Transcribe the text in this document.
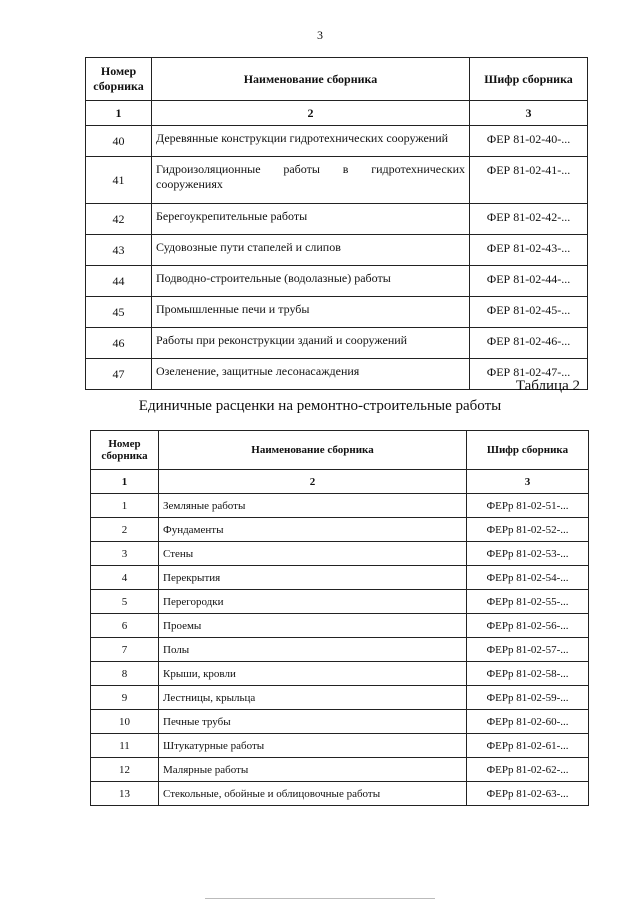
3
Номер сборника	Наименование сборника	Шифр сборника
1	2	3
40	Деревянные конструкции гидротехнических сооружений	ФЕР 81-02-40-...
41	Гидроизоляционные работы в гидротехнических сооружениях	ФЕР 81-02-41-...
42	Берегоукрепительные работы	ФЕР 81-02-42-...
43	Судовозные пути стапелей и слипов	ФЕР 81-02-43-...
44	Подводно-строительные (водолазные) работы	ФЕР 81-02-44-...
45	Промышленные печи и трубы	ФЕР 81-02-45-...
46	Работы при реконструкции зданий и сооружений	ФЕР 81-02-46-...
47	Озеленение, защитные лесонасаждения	ФЕР 81-02-47-...
Таблица 2
Единичные расценки на ремонтно-строительные работы
Номер сборника	Наименование сборника	Шифр сборника
1	2	3
1	Земляные работы	ФЕРр 81-02-51-...
2	Фундаменты	ФЕРр 81-02-52-...
3	Стены	ФЕРр 81-02-53-...
4	Перекрытия	ФЕРр 81-02-54-...
5	Перегородки	ФЕРр 81-02-55-...
6	Проемы	ФЕРр 81-02-56-...
7	Полы	ФЕРр 81-02-57-...
8	Крыши, кровли	ФЕРр 81-02-58-...
9	Лестницы, крыльца	ФЕРр 81-02-59-...
10	Печные трубы	ФЕРр 81-02-60-...
11	Штукатурные работы	ФЕРр 81-02-61-...
12	Малярные работы	ФЕРр 81-02-62-...
13	Стекольные, обойные и облицовочные работы	ФЕРр 81-02-63-...
